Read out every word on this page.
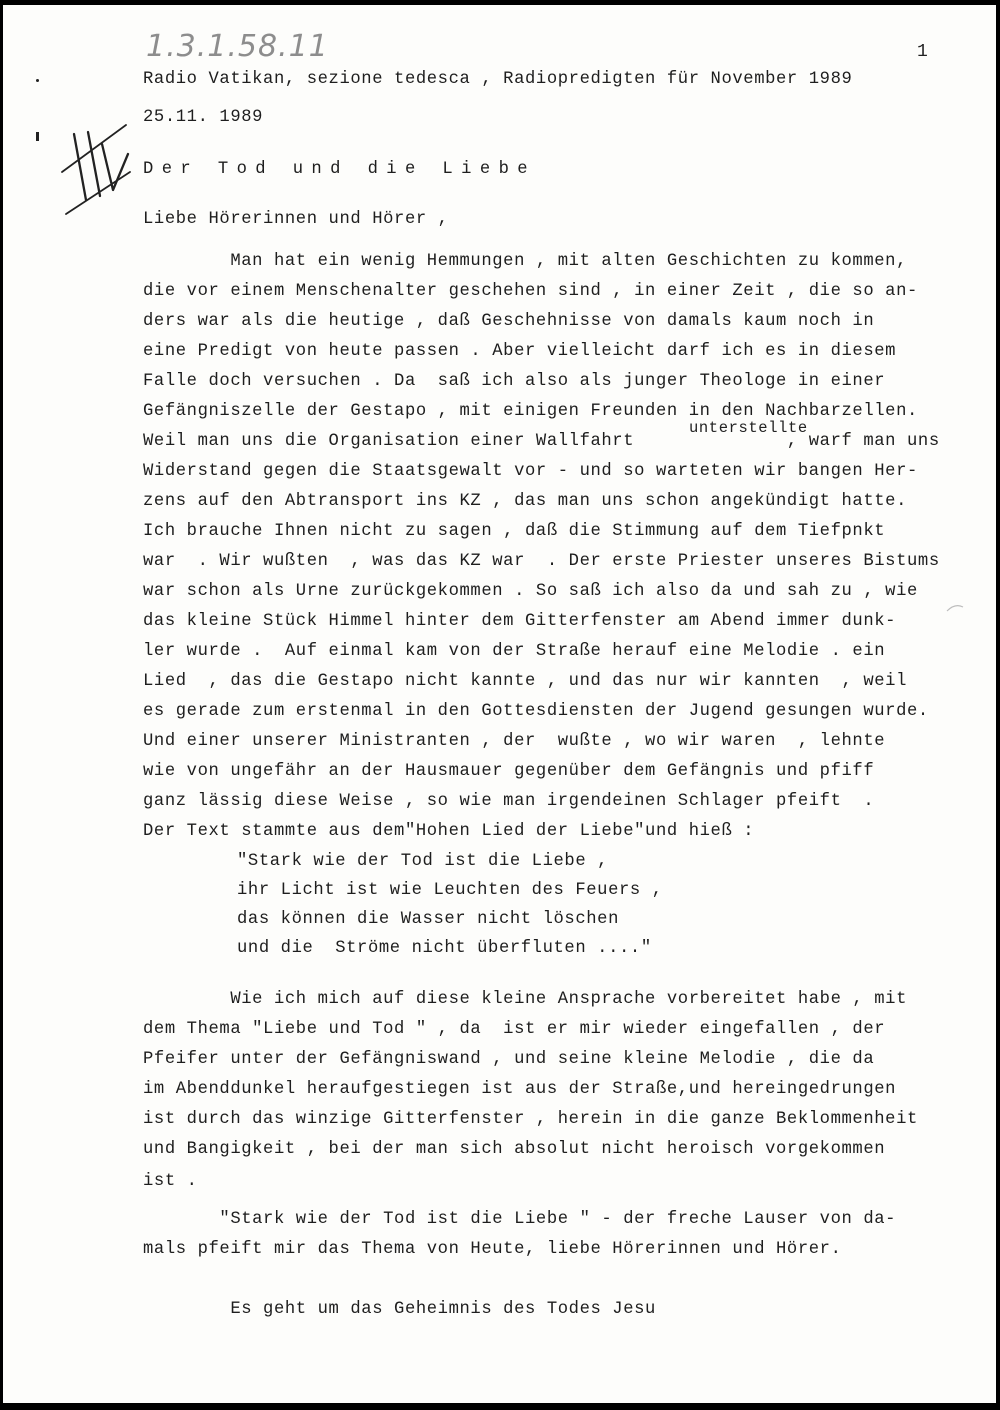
1.3.1.58.11	1
Radio Vatikan, sezione tedesca , Radiopredigten für November 1989
25.11. 1989
Der Tod und die Liebe
Liebe Hörerinnen und Hörer ,
Man hat ein wenig Hemmungen , mit alten Geschichten zu kommen,
die vor einem Menschenalter geschehen sind , in einer Zeit , die so an-
ders war als die heutige , daß Geschehnisse von damals kaum noch in
eine Predigt von heute passen . Aber vielleicht darf ich es in diesem
Falle doch versuchen . Da  saß ich also als junger Theologe in einer
Gefängniszelle der Gestapo , mit einigen Freunden in den Nachbarzellen.
unterstellte
Weil man uns die Organisation einer Wallfahrt              , warf man uns
Widerstand gegen die Staatsgewalt vor - und so warteten wir bangen Her-
zens auf den Abtransport ins KZ , das man uns schon angekündigt hatte.
Ich brauche Ihnen nicht zu sagen , daß die Stimmung auf dem Tiefpnkt
war  . Wir wußten  , was das KZ war  . Der erste Priester unseres Bistums
war schon als Urne zurückgekommen . So saß ich also da und sah zu , wie
das kleine Stück Himmel hinter dem Gitterfenster am Abend immer dunk-
ler wurde .  Auf einmal kam von der Straße herauf eine Melodie . ein
Lied  , das die Gestapo nicht kannte , und das nur wir kannten  , weil
es gerade zum erstenmal in den Gottesdiensten der Jugend gesungen wurde.
Und einer unserer Ministranten , der  wußte , wo wir waren  , lehnte
wie von ungefähr an der Hausmauer gegenüber dem Gefängnis und pfiff
ganz lässig diese Weise , so wie man irgendeinen Schlager pfeift  .
Der Text stammte aus dem"Hohen Lied der Liebe"und hieß :
"Stark wie der Tod ist die Liebe ,
ihr Licht ist wie Leuchten des Feuers ,
das können die Wasser nicht löschen
und die  Ströme nicht überfluten ...."
Wie ich mich auf diese kleine Ansprache vorbereitet habe , mit
dem Thema "Liebe und Tod " , da  ist er mir wieder eingefallen , der
Pfeifer unter der Gefängniswand , und seine kleine Melodie , die da
im Abenddunkel heraufgestiegen ist aus der Straße,und hereingedrungen
ist durch das winzige Gitterfenster , herein in die ganze Beklommenheit
und Bangigkeit , bei der man sich absolut nicht heroisch vorgekommen
ist .
"Stark wie der Tod ist die Liebe " - der freche Lauser von da-
mals pfeift mir das Thema von Heute, liebe Hörerinnen und Hörer.
Es geht um das Geheimnis des Todes Jesu
